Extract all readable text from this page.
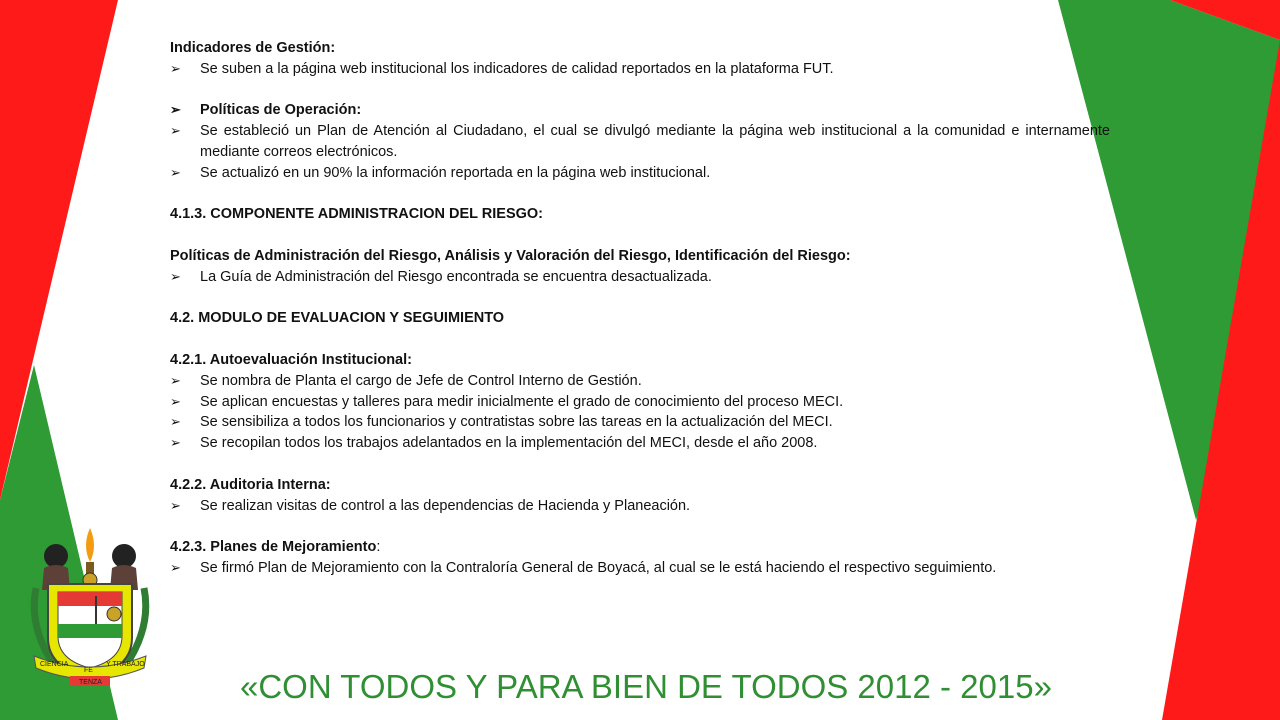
Indicadores de Gestión:
➢ Se suben a la página web institucional los indicadores de calidad reportados en la plataforma FUT.
➢ Políticas de Operación:
➢ Se estableció un Plan de Atención al Ciudadano, el cual se divulgó mediante la página web institucional a la comunidad e internamente mediante correos electrónicos.
➢ Se actualizó en un 90% la información reportada en la página web institucional.
4.1.3. COMPONENTE ADMINISTRACION DEL RIESGO:
Políticas de Administración del Riesgo, Análisis y Valoración del Riesgo, Identificación del Riesgo:
➢ La Guía de Administración del Riesgo encontrada se encuentra desactualizada.
4.2. MODULO DE EVALUACION Y SEGUIMIENTO
4.2.1. Autoevaluación Institucional:
➢ Se nombra de Planta el cargo de Jefe de Control Interno de Gestión.
➢ Se aplican encuestas y talleres para medir inicialmente el grado de conocimiento del proceso MECI.
➢ Se sensibiliza a todos los funcionarios y contratistas sobre las tareas en la actualización del MECI.
➢ Se recopilan todos los trabajos adelantados en la implementación del MECI, desde el año 2008.
4.2.2. Auditoria Interna:
➢ Se realizan visitas de control a las dependencias de Hacienda y Planeación.
4.2.3. Planes de Mejoramiento:
➢ Se firmó Plan de Mejoramiento con la Contraloría General de Boyacá, al cual se le está haciendo el respectivo seguimiento.
CIENCIA
FE
Y TRABAJO
TENZA	«CON TODOS Y PARA BIEN DE TODOS 2012 - 2015»
